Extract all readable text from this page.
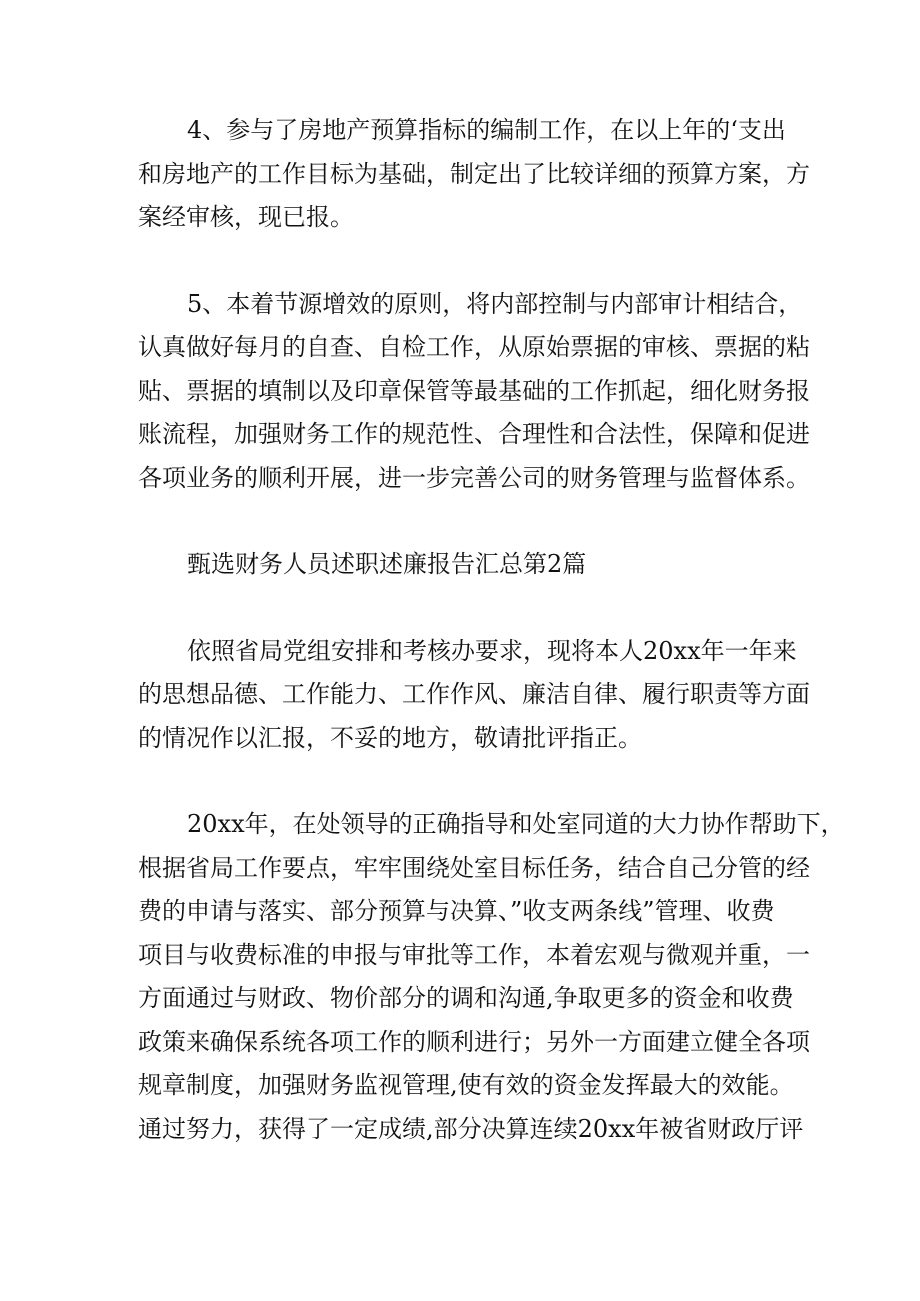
4、参与了房地产预算指标的编制工作，在以上年的‘支出

和房地产的工作目标为基础，制定出了比较详细的预算方案，方

案经审核，现已报。

5、本着节源增效的原则，将内部控制与内部审计相结合，

认真做好每月的自查、自检工作，从原始票据的审核、票据的粘

贴、票据的填制以及印章保管等最基础的工作抓起，细化财务报

账流程，加强财务工作的规范性、合理性和合法性，保障和促进

各项业务的顺利开展，进一步完善公司的财务管理与监督体系。

甄选财务人员述职述廉报告汇总第2篇

依照省局党组安排和考核办要求，现将本人20xx年一年来

的思想品德、工作能力、工作作风、廉洁自律、履行职责等方面

的情况作以汇报，不妥的地方，敬请批评指正。

20xx年，在处领导的正确指导和处室同道的大力协作帮助下，

根据省局工作要点，牢牢围绕处室目标任务，结合自己分管的经

费的申请与落实、部分预算与决算、”收支两条线”管理、收费

项目与收费标准的申报与审批等工作，本着宏观与微观并重，一

方面通过与财政、物价部分的调和沟通,争取更多的资金和收费

政策来确保系统各项工作的顺利进行；另外一方面建立健全各项

规章制度，加强财务监视管理,使有效的资金发挥最大的效能。

通过努力，获得了一定成绩,部分决算连续20xx年被省财政厅评
